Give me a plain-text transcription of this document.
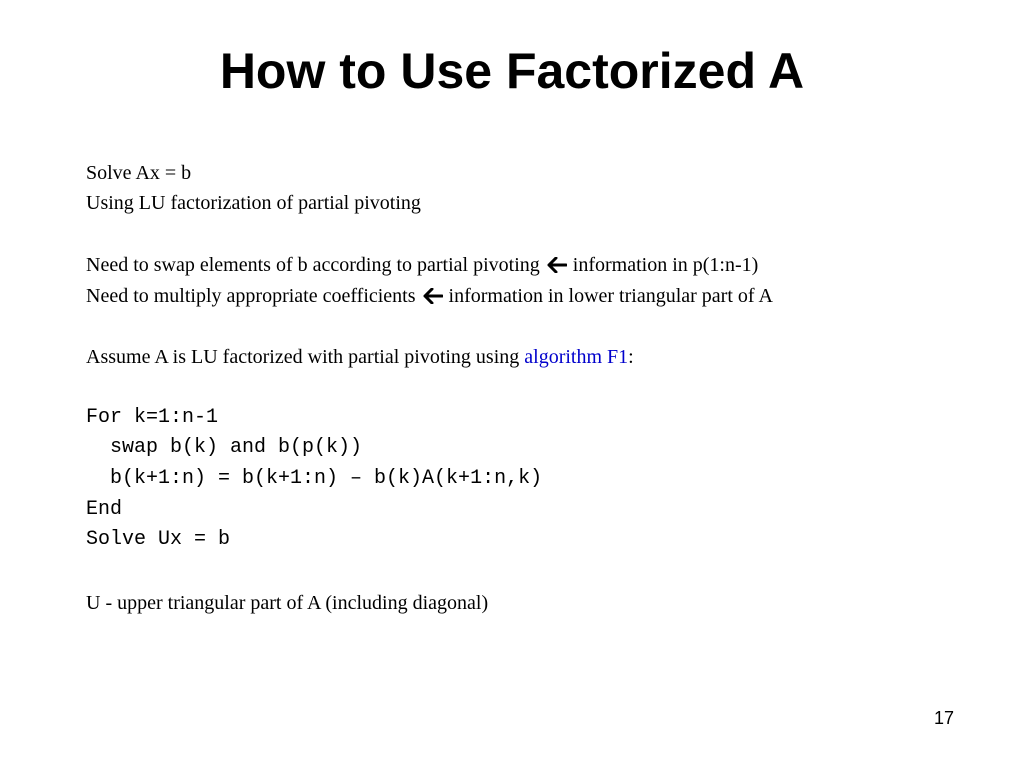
How to Use Factorized A

Solve Ax = b

Using LU factorization of partial pivoting

Need to swap elements of b according to partial pivoting information in p(1:n-1)

Need to multiply appropriate coefficients information in lower triangular part of A

Assume A is LU factorized with partial pivoting using algorithm F1:

For k=1:n-1

swap b(k) and b(p(k))

b(k+1:n) = b(k+1:n) – b(k)A(k+1:n,k)

End

Solve Ux = b

U - upper triangular part of A (including diagonal)

17
